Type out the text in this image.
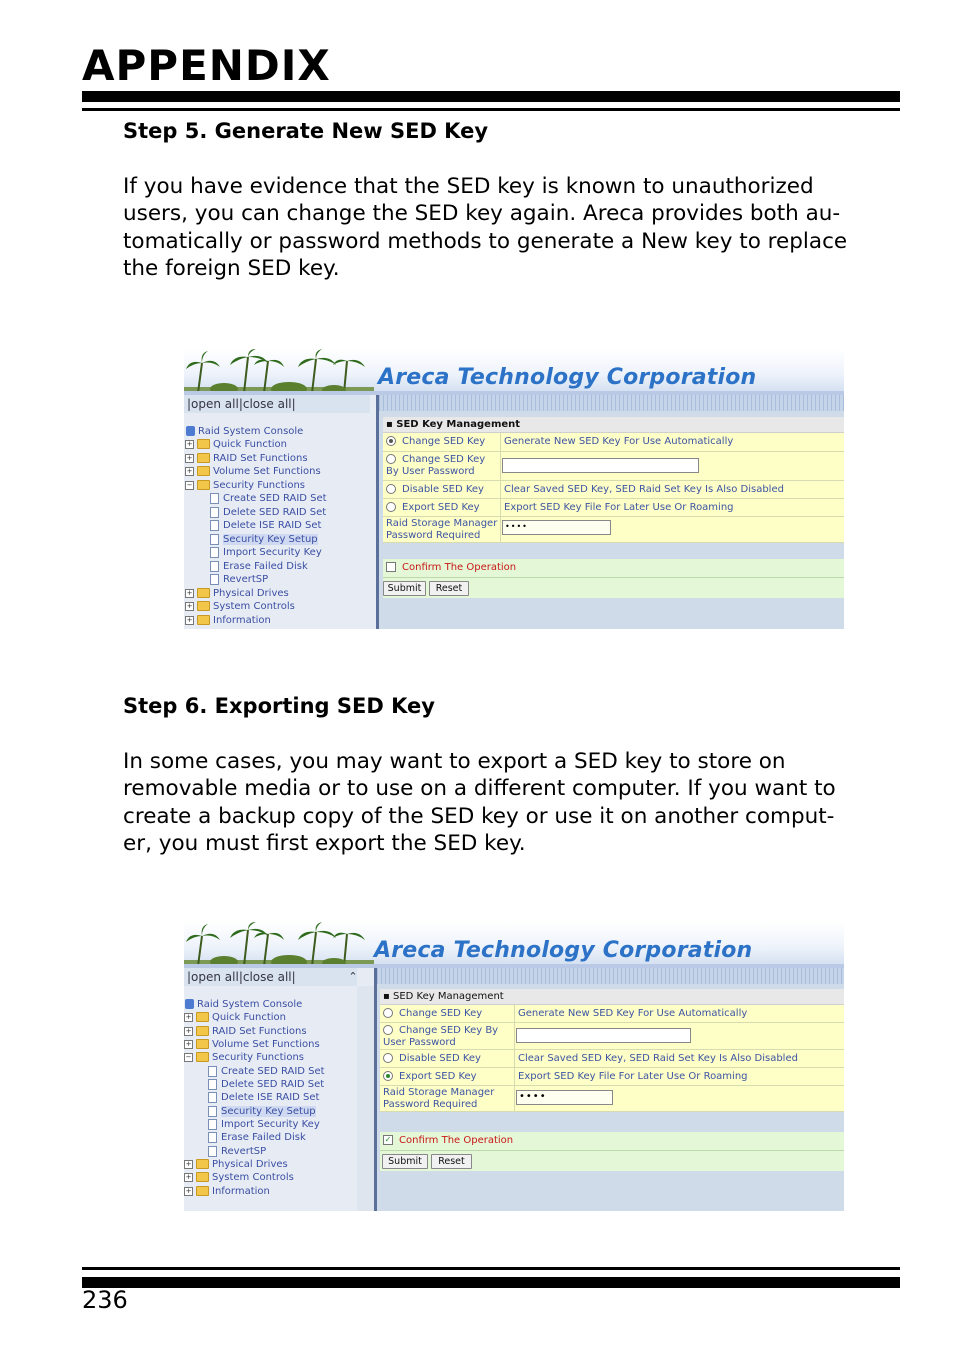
APPENDIX
Step 5. Generate New SED Key
If you have evidence that the SED key is known to unauthorized
users, you can change the SED key again. Areca provides both au-
tomatically or password methods to generate a New key to replace
the foreign SED key.
Areca Technology Corporation
|open all|close all|
Raid System Console
+ Quick Function
+ RAID Set Functions
+ Volume Set Functions
− Security Functions
Create SED RAID Set
Delete SED RAID Set
Delete ISE RAID Set
Security Key Setup
Import Security Key
Erase Failed Disk
RevertSP
+ Physical Drives
+ System Controls
+ Information
▪ SED Key Management
Change SED Key	Generate New SED Key For Use Automatically
Change SED Key
By User Password
Disable SED Key	Clear Saved SED Key, SED Raid Set Key Is Also Disabled
Export SED Key	Export SED Key File For Later Use Or Roaming
Raid Storage Manager
Password Required
••••
Confirm The Operation
Submit	Reset
Step 6. Exporting SED Key
In some cases, you may want to export a SED key to store on
removable media or to use on a different computer. If you want to
create a backup copy of the SED key or use it on another comput-
er, you must first export the SED key.
Areca Technology Corporation
|open all|close all|	⌃
Raid System Console
+ Quick Function
+ RAID Set Functions
+ Volume Set Functions
− Security Functions
Create SED RAID Set
Delete SED RAID Set
Delete ISE RAID Set
Security Key Setup
Import Security Key
Erase Failed Disk
RevertSP
+ Physical Drives
+ System Controls
+ Information
▪ SED Key Management
Change SED Key	Generate New SED Key For Use Automatically
Change SED Key By
User Password
Disable SED Key	Clear Saved SED Key, SED Raid Set Key Is Also Disabled
Export SED Key	Export SED Key File For Later Use Or Roaming
Raid Storage Manager
Password Required
••••
✓ Confirm The Operation
Submit	Reset
236
